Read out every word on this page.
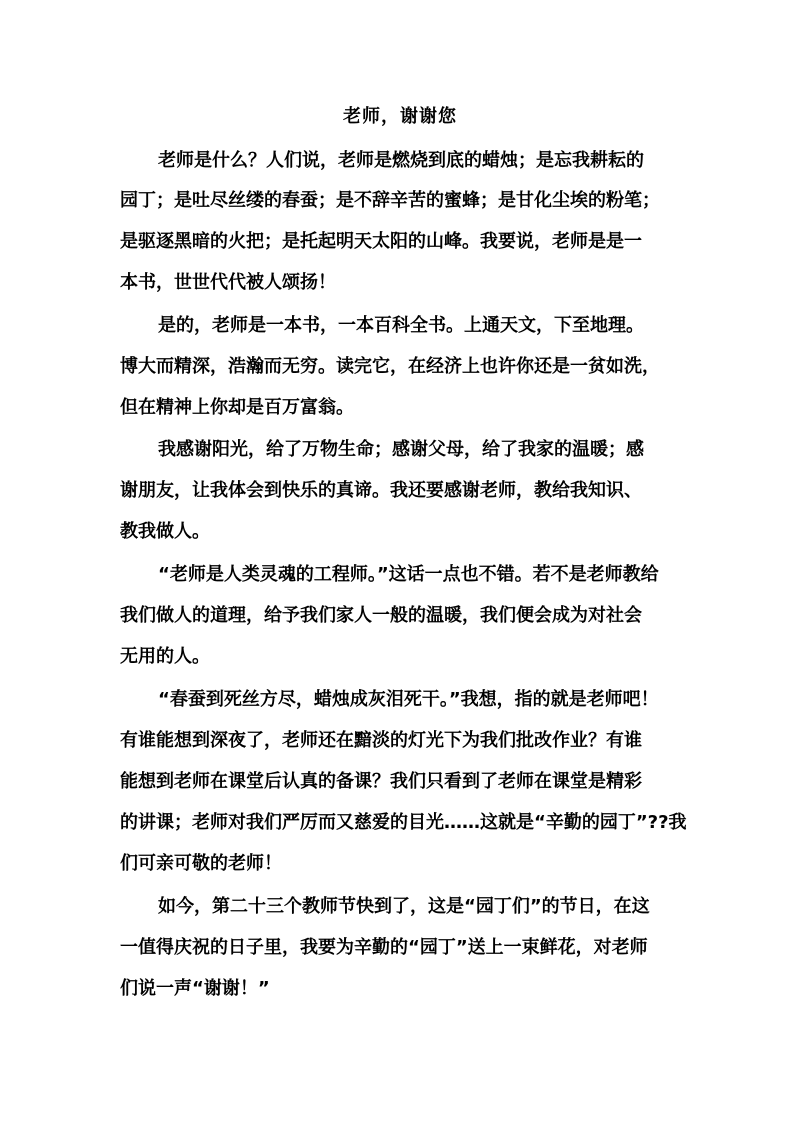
老师，谢谢您
老师是什么？人们说，老师是燃烧到底的蜡烛；是忘我耕耘的
园丁；是吐尽丝缕的春蚕；是不辞辛苦的蜜蜂；是甘化尘埃的粉笔；
是驱逐黑暗的火把；是托起明天太阳的山峰。我要说，老师是是一
本书，世世代代被人颂扬！
是的，老师是一本书，一本百科全书。上通天文，下至地理。
博大而精深，浩瀚而无穷。读完它，在经济上也许你还是一贫如洗，
但在精神上你却是百万富翁。
我感谢阳光，给了万物生命；感谢父母，给了我家的温暖；感
谢朋友，让我体会到快乐的真谛。我还要感谢老师，教给我知识、
教我做人。
“老师是人类灵魂的工程师。”这话一点也不错。若不是老师教给
我们做人的道理，给予我们家人一般的温暖，我们便会成为对社会
无用的人。
“春蚕到死丝方尽，蜡烛成灰泪死干。”我想，指的就是老师吧！
有谁能想到深夜了，老师还在黯淡的灯光下为我们批改作业？有谁
能想到老师在课堂后认真的备课？我们只看到了老师在课堂是精彩
的讲课；老师对我们严厉而又慈爱的目光……这就是“辛勤的园丁”??我
们可亲可敬的老师！
如今，第二十三个教师节快到了，这是“园丁们”的节日，在这
一值得庆祝的日子里，我要为辛勤的“园丁”送上一束鲜花，对老师
们说一声“谢谢！”
